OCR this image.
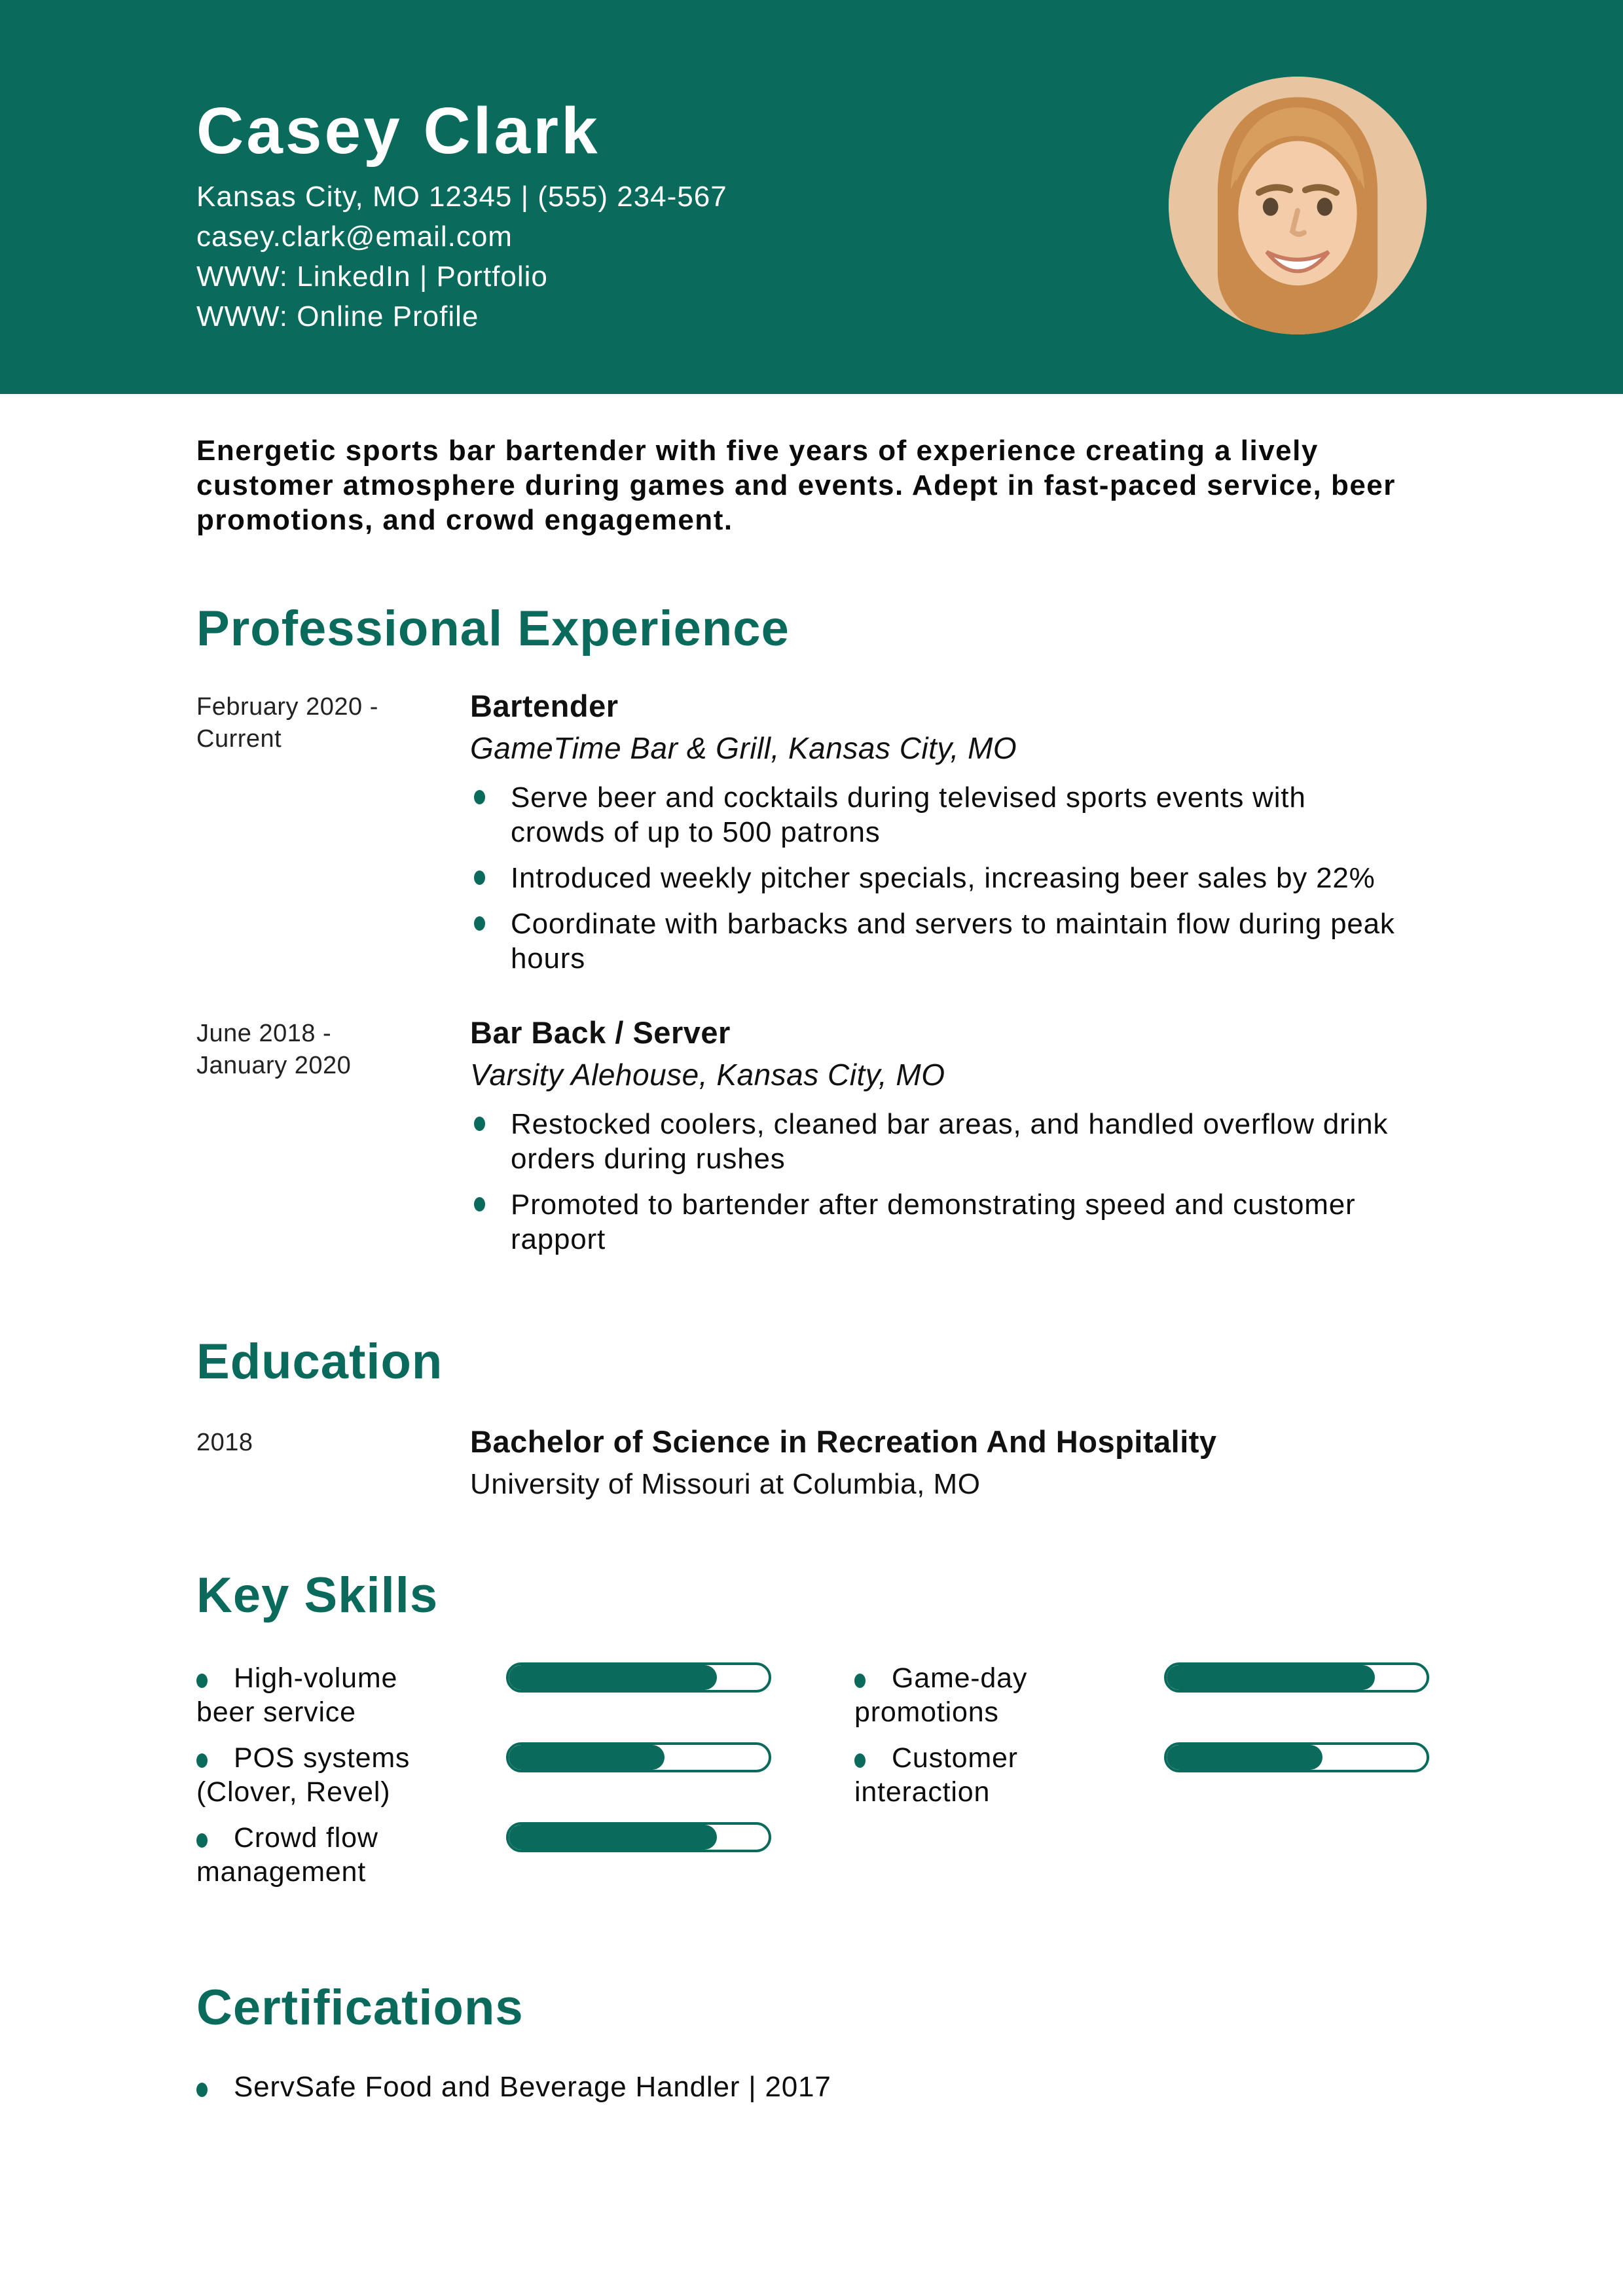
Casey Clark
Kansas City, MO 12345 | (555) 234-567
casey.clark@email.com
WWW: LinkedIn | Portfolio
WWW: Online Profile

Energetic sports bar bartender with five years of experience creating a lively customer atmosphere during games and events. Adept in fast-paced service, beer promotions, and crowd engagement.

Professional Experience
February 2020 - Current
Bartender
GameTime Bar & Grill, Kansas City, MO
Serve beer and cocktails during televised sports events with crowds of up to 500 patrons
Introduced weekly pitcher specials, increasing beer sales by 22%
Coordinate with barbacks and servers to maintain flow during peak hours
June 2018 - January 2020
Bar Back / Server
Varsity Alehouse, Kansas City, MO
Restocked coolers, cleaned bar areas, and handled overflow drink orders during rushes
Promoted to bartender after demonstrating speed and customer rapport
Education
2018	Bachelor of Science in Recreation And Hospitality
University of Missouri at Columbia, MO
Key Skills
High-volume beer service
POS systems (Clover, Revel)
Crowd flow management
Game-day promotions
Customer interaction
Certifications
ServSafe Food and Beverage Handler | 2017
